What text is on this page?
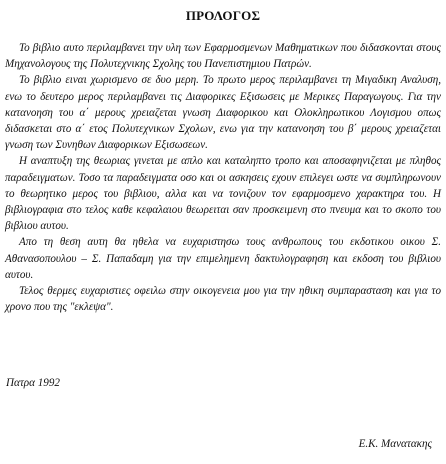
ΠΡΟΛΟΓΟΣ

Το βιβλιο αυτο περιλαμβανει την υλη των Εφαρμοσμενων Μαθηματικων που διδασκονται στους Μηχανολογους της Πολυτεχνικης Σχολης του Πανεπιστημιου Πατρών.

Το βιβλιο ειναι χωρισμενο σε δυο μερη. Το πρωτο μερος περιλαμβανει τη Μιγαδικη Αναλυση, ενω το δευτερο μερος περιλαμβανει τις Διαφορικες Εξισωσεις με Μερικες Παραγωγους. Για την κατανοηση του α΄ μερους χρειαζεται γνωση Διαφορικου και Ολοκληρωτικου Λογισμου οπως διδασκεται στο α΄ ετος Πολυτεχνικων Σχολων, ενω για την κατανοηση του β΄ μερους χρειαζεται γνωση των Συνηθων Διαφορικων Εξισωσεων.

Η αναπτυξη της θεωριας γινεται με απλο και καταληπτο τροπο και αποσαφηνιζεται με πληθος παραδειγματων. Τοσο τα παραδειγματα οσο και οι ασκησεις εχουν επιλεγει ωστε να συμπληρωνουν το θεωρητικο μερος του βιβλιου, αλλα και να τονιζουν τον εφαρμοσμενο χαρακτηρα του. Η βιβλιογραφια στο τελος καθε κεφαλαιου θεωρειται σαν προσκειμενη στο πνευμα και το σκοπο του βιβλιου αυτου.

Απο τη θεση αυτη θα ηθελα να ευχαριστησω τους ανθρωπους του εκδοτικου οικου Σ. Αθανασοπουλου – Σ. Παπαδαμη για την επιμελημενη δακτυλογραφηση και εκδοση του βιβλιου αυτου.

Τελος θερμες ευχαριστιες οφειλω στην οικογενεια μου για την ηθικη συμπαρασταση και για το χρονο που της "εκλεψα".

Πατρα 1992
Ε.Κ. Μανατακης
